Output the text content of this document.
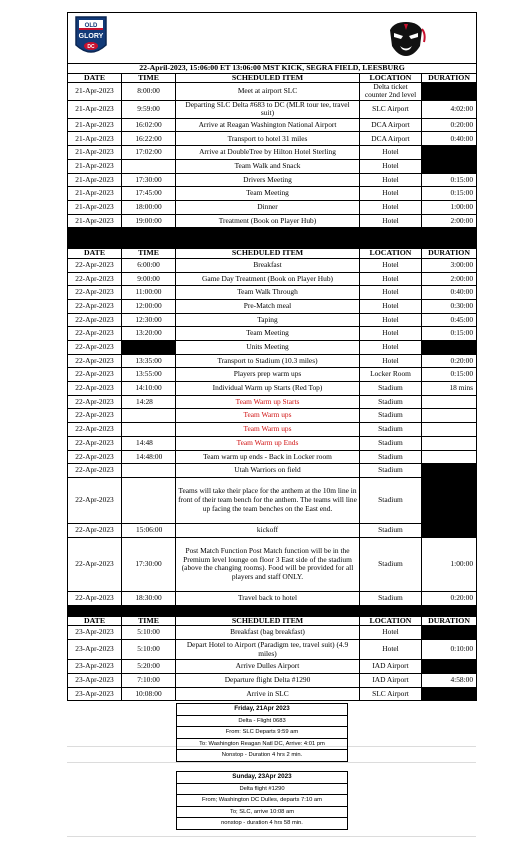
OLD
GLORY
DC				

22-April-2023, 15:06:00 ET 13:06:00 MST KICK, SEGRA FIELD, LEESBURG				
DATE	TIME	SCHEDULED ITEM	LOCATION	DURATION
21-Apr-2023	8:00:00	Meet at airport SLC	Delta ticket counter 2nd level	
21-Apr-2023	9:59:00	Departing SLC Delta #683 to DC (MLR tour tee, travel suit)	SLC Airport	4:02:00
21-Apr-2023	16:02:00	Arrive at Reagan Washington National Airport	DCA Airport	0:20:00
21-Apr-2023	16:22:00	Transport to hotel 31 miles	DCA Airport	0:40:00
21-Apr-2023	17:02:00	Arrive at DoubleTree by Hilton Hotel Sterling	Hotel	
21-Apr-2023		Team Walk and Snack	Hotel	
21-Apr-2023	17:30:00	Drivers Meeting	Hotel	0:15:00
21-Apr-2023	17:45:00	Team Meeting	Hotel	0:15:00
21-Apr-2023	18:00:00	Dinner	Hotel	1:00:00
21-Apr-2023	19:00:00	Treatment (Book on Player Hub)	Hotel	2:00:00

DATE	TIME	SCHEDULED ITEM	LOCATION	DURATION
22-Apr-2023	6:00:00	Breakfast	Hotel	3:00:00
22-Apr-2023	9:00:00	Game Day Treatment (Book on Player Hub)	Hotel	2:00:00
22-Apr-2023	11:00:00	Team Walk Through	Hotel	0:40:00
22-Apr-2023	12:00:00	Pre-Match meal	Hotel	0:30:00
22-Apr-2023	12:30:00	Taping	Hotel	0:45:00
22-Apr-2023	13:20:00	Team Meeting	Hotel	0:15:00
22-Apr-2023		Units Meeting	Hotel	
22-Apr-2023	13:35:00	Transport to Stadium (10.3 miles)	Hotel	0:20:00
22-Apr-2023	13:55:00	Players prep warm ups	Locker Room	0:15:00
22-Apr-2023	14:10:00	Individual Warm up Starts (Red Top)	Stadium	18 mins
22-Apr-2023	14:28	Team Warm up Starts	Stadium	
22-Apr-2023		Team Warm ups	Stadium	
22-Apr-2023		Team Warm ups	Stadium	
22-Apr-2023	14:48	Team Warm up Ends	Stadium	
22-Apr-2023	14:48:00	Team warm up ends - Back in Locker room	Stadium	
22-Apr-2023		Utah Warriors on field	Stadium	
22-Apr-2023		Teams will take their place for the anthem at the 10m line in front of their team bench for the anthem. The teams will line up facing the team benches on the East end.	Stadium	
22-Apr-2023	15:06:00	kickoff	Stadium	
22-Apr-2023	17:30:00	Post Match Function Post Match function will be in the Premium level lounge on floor 3 East side of the stadium (above the changing rooms). Food will be provided for all players and staff ONLY.	Stadium	1:00:00
22-Apr-2023	18:30:00	Travel back to hotel	Stadium	0:20:00

DATE	TIME	SCHEDULED ITEM	LOCATION	DURATION
23-Apr-2023	5:10:00	Breakfast (bag breakfast)	Hotel	
23-Apr-2023	5:10:00	Depart Hotel to Airport (Paradigm tee, travel suit) (4.9 miles)	Hotel	0:10:00
23-Apr-2023	5:20:00	Arrive Dulles Airport	IAD Airport	
23-Apr-2023	7:10:00	Departure flight Delta #1290	IAD Airport	4:58:00
23-Apr-2023	10:08:00	Arrive in SLC	SLC Airport	
Friday, 21Apr 2023
Delta - Flight 0683
From: SLC Departs 9:59 am
To: Washington Reagan Natl DC, Arrive: 4:01 pm
Nonstop - Duration 4 hrs 2 min.
Sunday, 23Apr 2023
Delta flight #1290
From; Washington DC Dulles, departs 7:10 am
To; SLC, arrive 10:08 am
nonstop - duration 4 hrs 58 min.
